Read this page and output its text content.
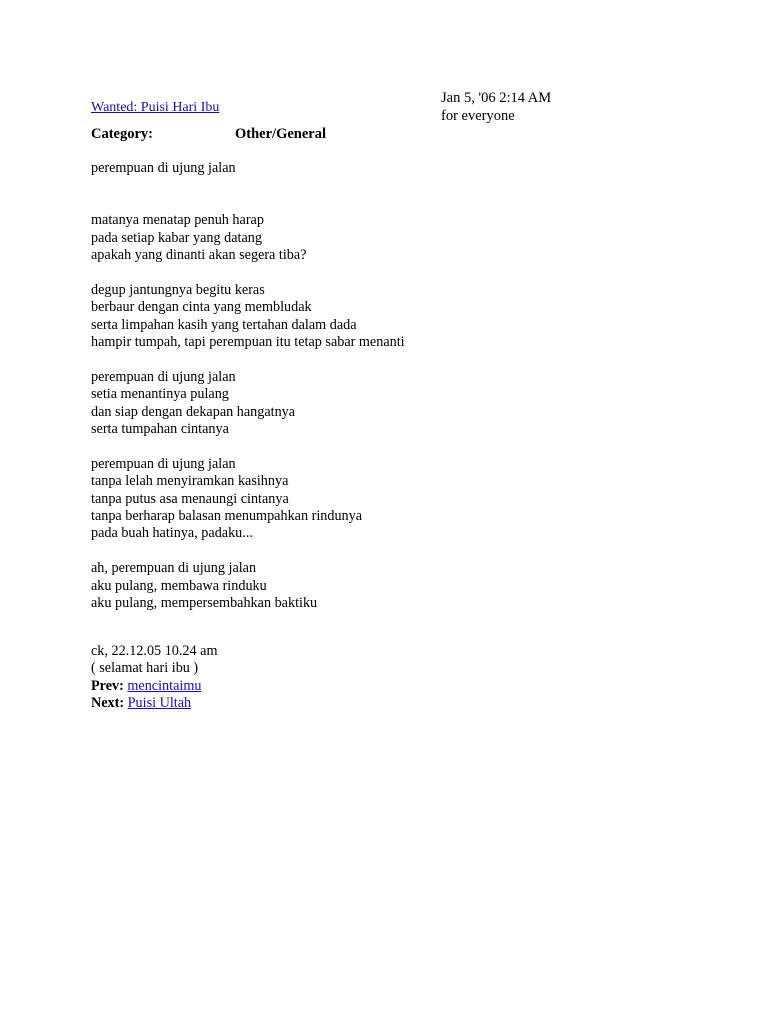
Wanted: Puisi Hari Ibu
Jan 5, '06 2:14 AM
for everyone
Category:	Other/General
perempuan di ujung jalan
matanya menatap penuh harap
pada setiap kabar yang datang
apakah yang dinanti akan segera tiba?
degup jantungnya begitu keras
berbaur dengan cinta yang membludak
serta limpahan kasih yang tertahan dalam dada
hampir tumpah, tapi perempuan itu tetap sabar menanti
perempuan di ujung jalan
setia menantinya pulang
dan siap dengan dekapan hangatnya
serta tumpahan cintanya
perempuan di ujung jalan
tanpa lelah menyiramkan kasihnya
tanpa putus asa menaungi cintanya
tanpa berharap balasan menumpahkan rindunya
pada buah hatinya, padaku...
ah, perempuan di ujung jalan
aku pulang, membawa rinduku
aku pulang, mempersembahkan baktiku
ck, 22.12.05 10.24 am
( selamat hari ibu )
Prev: mencintaimu
Next: Puisi Ultah
